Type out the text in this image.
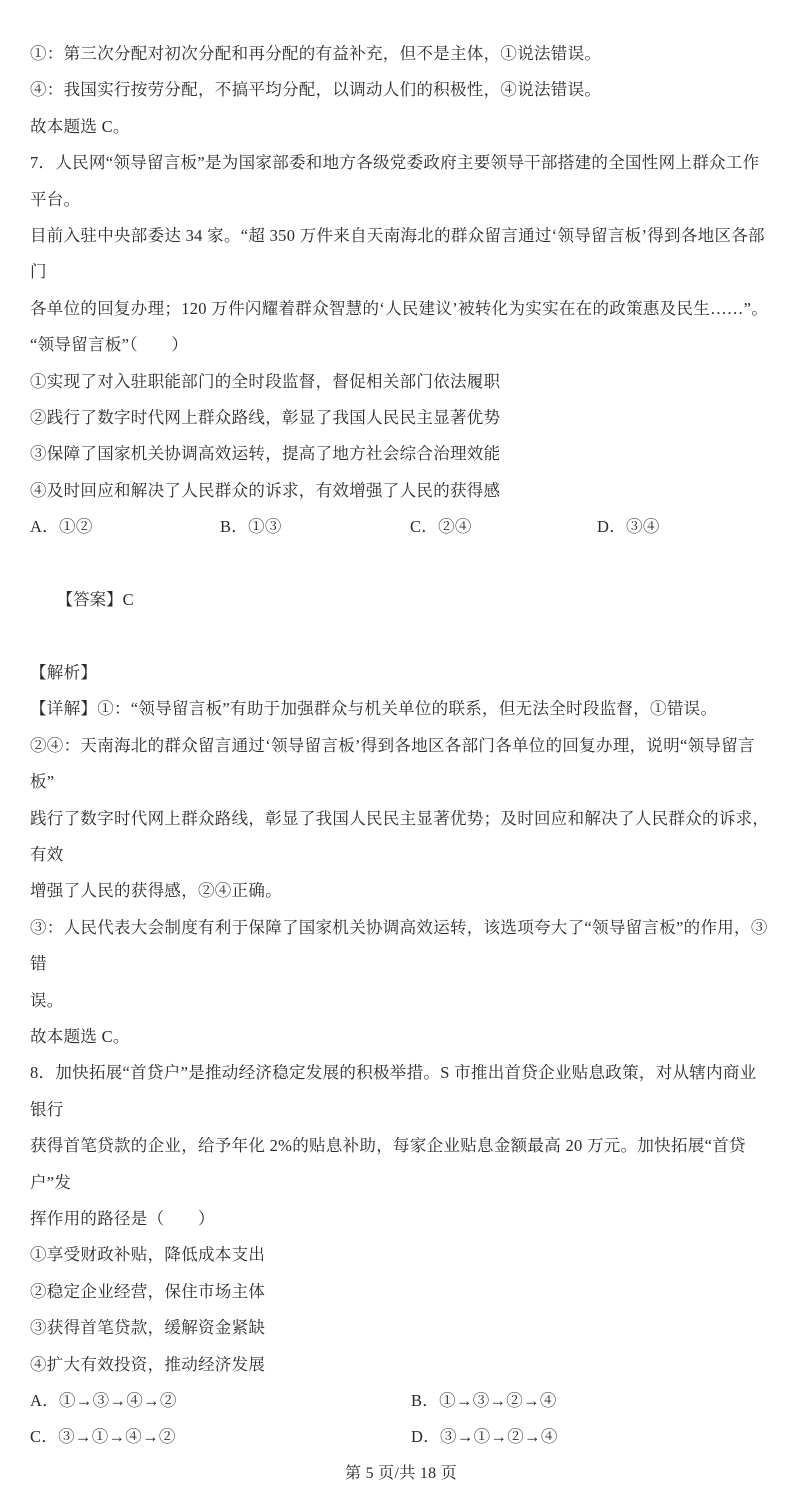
①：第三次分配对初次分配和再分配的有益补充，但不是主体，①说法错误。
④：我国实行按劳分配，不搞平均分配，以调动人们的积极性，④说法错误。
故本题选 C。
7．人民网“领导留言板”是为国家部委和地方各级党委政府主要领导干部搭建的全国性网上群众工作平台。
目前入驻中央部委达 34 家。“超 350 万件来自天南海北的群众留言通过‘领导留言板’得到各地区各部门
各单位的回复办理；120 万件闪耀着群众智慧的‘人民建议’被转化为实实在在的政策惠及民生……”。
“领导留言板”（　　）
①实现了对入驻职能部门的全时段监督，督促相关部门依法履职
②践行了数字时代网上群众路线，彰显了我国人民民主显著优势
③保障了国家机关协调高效运转，提高了地方社会综合治理效能
④及时回应和解决了人民群众的诉求，有效增强了人民的获得感
A．①②	B．①③	C．②④	D．③④

【答案】C

【解析】
【详解】①：“领导留言板”有助于加强群众与机关单位的联系，但无法全时段监督，①错误。
②④：天南海北的群众留言通过‘领导留言板’得到各地区各部门各单位的回复办理，说明“领导留言板”
践行了数字时代网上群众路线，彰显了我国人民民主显著优势；及时回应和解决了人民群众的诉求，有效
增强了人民的获得感，②④正确。
③：人民代表大会制度有利于保障了国家机关协调高效运转，该选项夸大了“领导留言板”的作用，③错
误。
故本题选 C。
8．加快拓展“首贷户”是推动经济稳定发展的积极举措。S 市推出首贷企业贴息政策，对从辖内商业银行
获得首笔贷款的企业，给予年化 2%的贴息补助，每家企业贴息金额最高 20 万元。加快拓展“首贷户”发
挥作用的路径是（　　）
①享受财政补贴，降低成本支出
②稳定企业经营，保住市场主体
③获得首笔贷款，缓解资金紧缺
④扩大有效投资，推动经济发展
A．①→③→④→②	B．①→③→②→④
C．③→①→④→②	D．③→①→②→④
第 5 页/共 18 页
